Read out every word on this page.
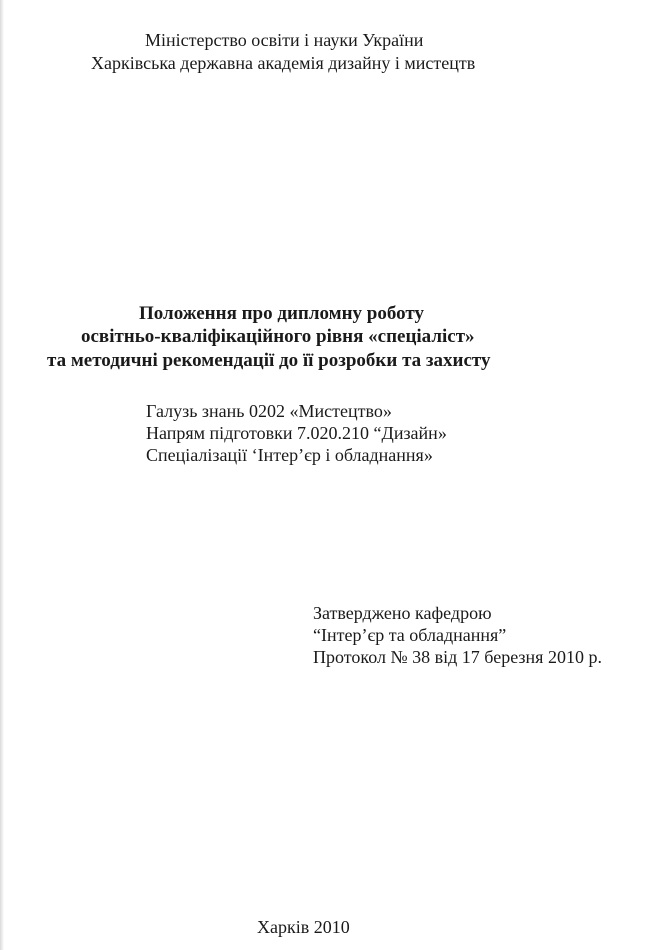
Міністерство освіти і науки України
Харківська державна академія дизайну і мистецтв
Положення про дипломну роботу
освітньо-кваліфікаційного рівня «спеціаліст»
та методичні рекомендації до її розробки та захисту
Галузь знань 0202 «Мистецтво»
Напрям підготовки 7.020.210 “Дизайн»
Спеціалізації ‘Інтер’єр і обладнання»
Затверджено кафедрою
“Інтер’єр та обладнання”
Протокол № 38 від 17 березня 2010 р.
Харків 2010
